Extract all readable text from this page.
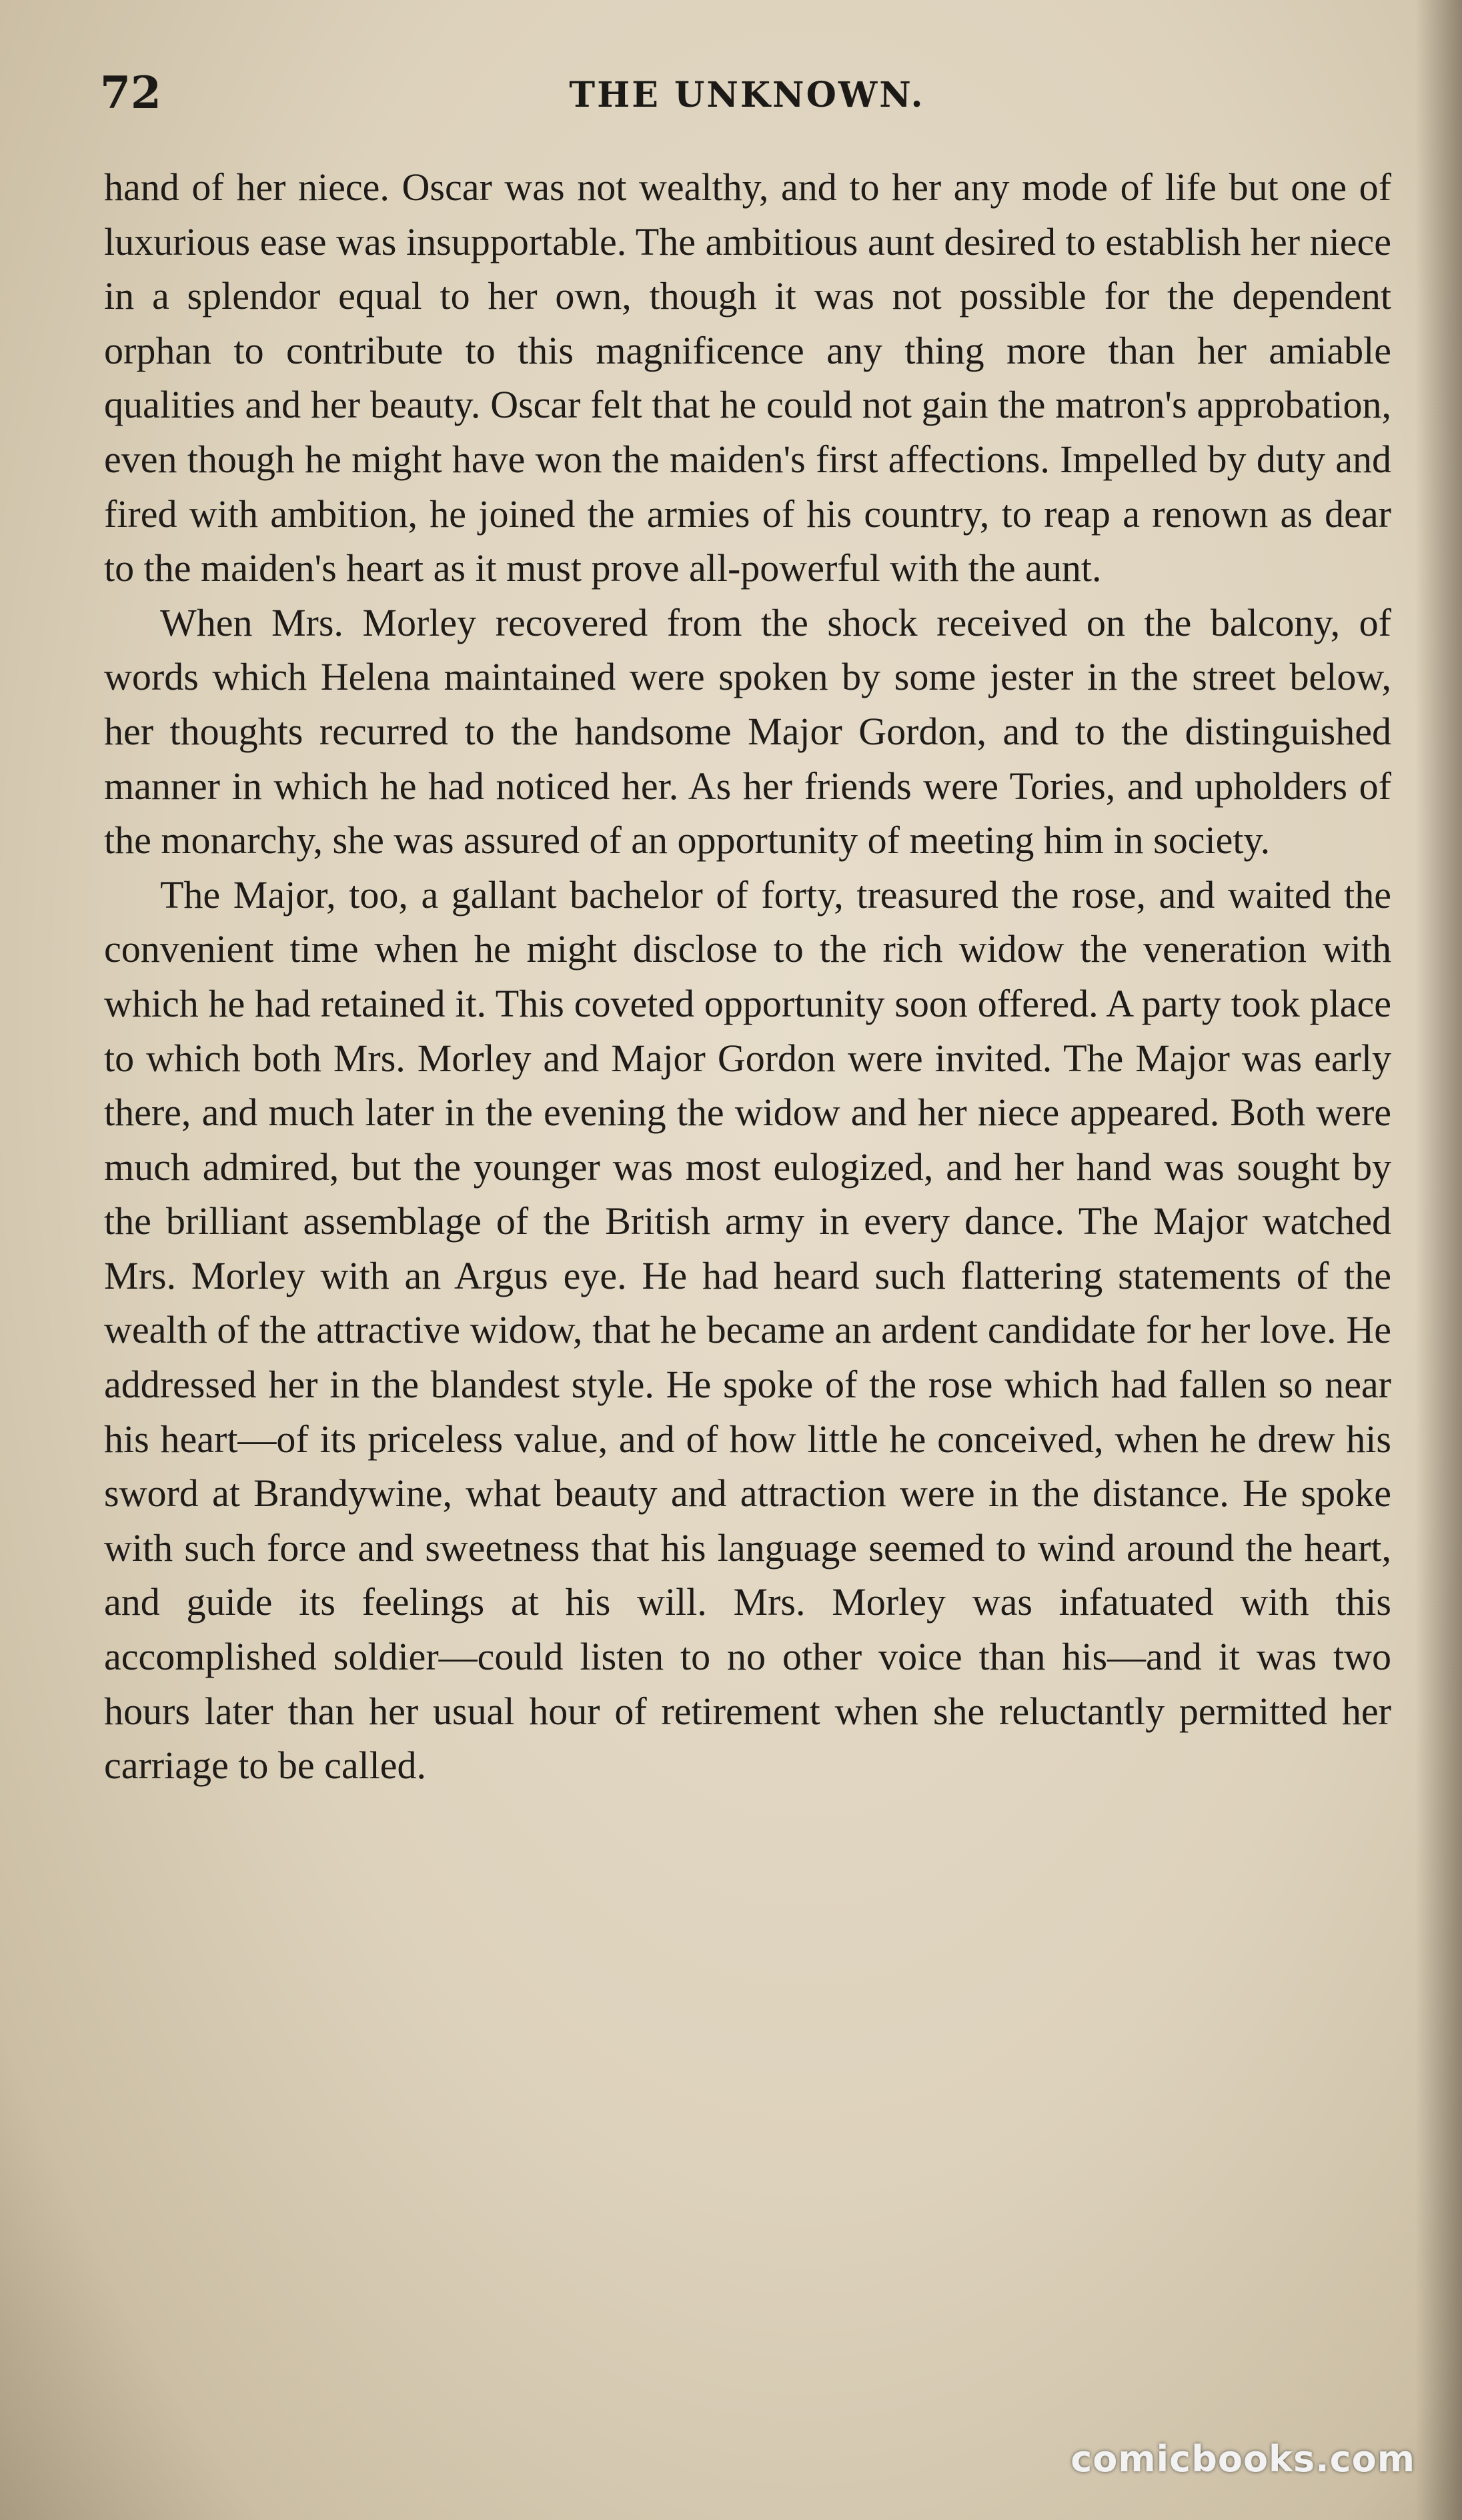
72	THE UNKNOWN.

hand of her niece. Oscar was not wealthy, and to her any mode of life but one of luxurious ease was insupportable. The ambitious aunt desired to establish her niece in a splendor equal to her own, though it was not possible for the dependent orphan to contribute to this magnificence any thing more than her amiable qualities and her beauty. Oscar felt that he could not gain the matron's approbation, even though he might have won the maiden's first affections. Impelled by duty and fired with ambition, he joined the armies of his country, to reap a renown as dear to the maiden's heart as it must prove all-powerful with the aunt.

When Mrs. Morley recovered from the shock received on the balcony, of words which Helena maintained were spoken by some jester in the street below, her thoughts recurred to the handsome Major Gordon, and to the distinguished manner in which he had noticed her. As her friends were Tories, and upholders of the monarchy, she was assured of an opportunity of meeting him in society.

The Major, too, a gallant bachelor of forty, treasured the rose, and waited the convenient time when he might disclose to the rich widow the veneration with which he had retained it. This coveted opportunity soon offered. A party took place to which both Mrs. Morley and Major Gordon were invited. The Major was early there, and much later in the evening the widow and her niece appeared. Both were much admired, but the younger was most eulogized, and her hand was sought by the brilliant assemblage of the British army in every dance. The Major watched Mrs. Morley with an Argus eye. He had heard such flattering statements of the wealth of the attractive widow, that he became an ardent candidate for her love. He addressed her in the blandest style. He spoke of the rose which had fallen so near his heart—of its priceless value, and of how little he conceived, when he drew his sword at Brandywine, what beauty and attraction were in the distance. He spoke with such force and sweetness that his language seemed to wind around the heart, and guide its feelings at his will. Mrs. Morley was infatuated with this accomplished soldier—could listen to no other voice than his—and it was two hours later than her usual hour of retirement when she reluctantly permitted her carriage to be called.

comicbooks.com
